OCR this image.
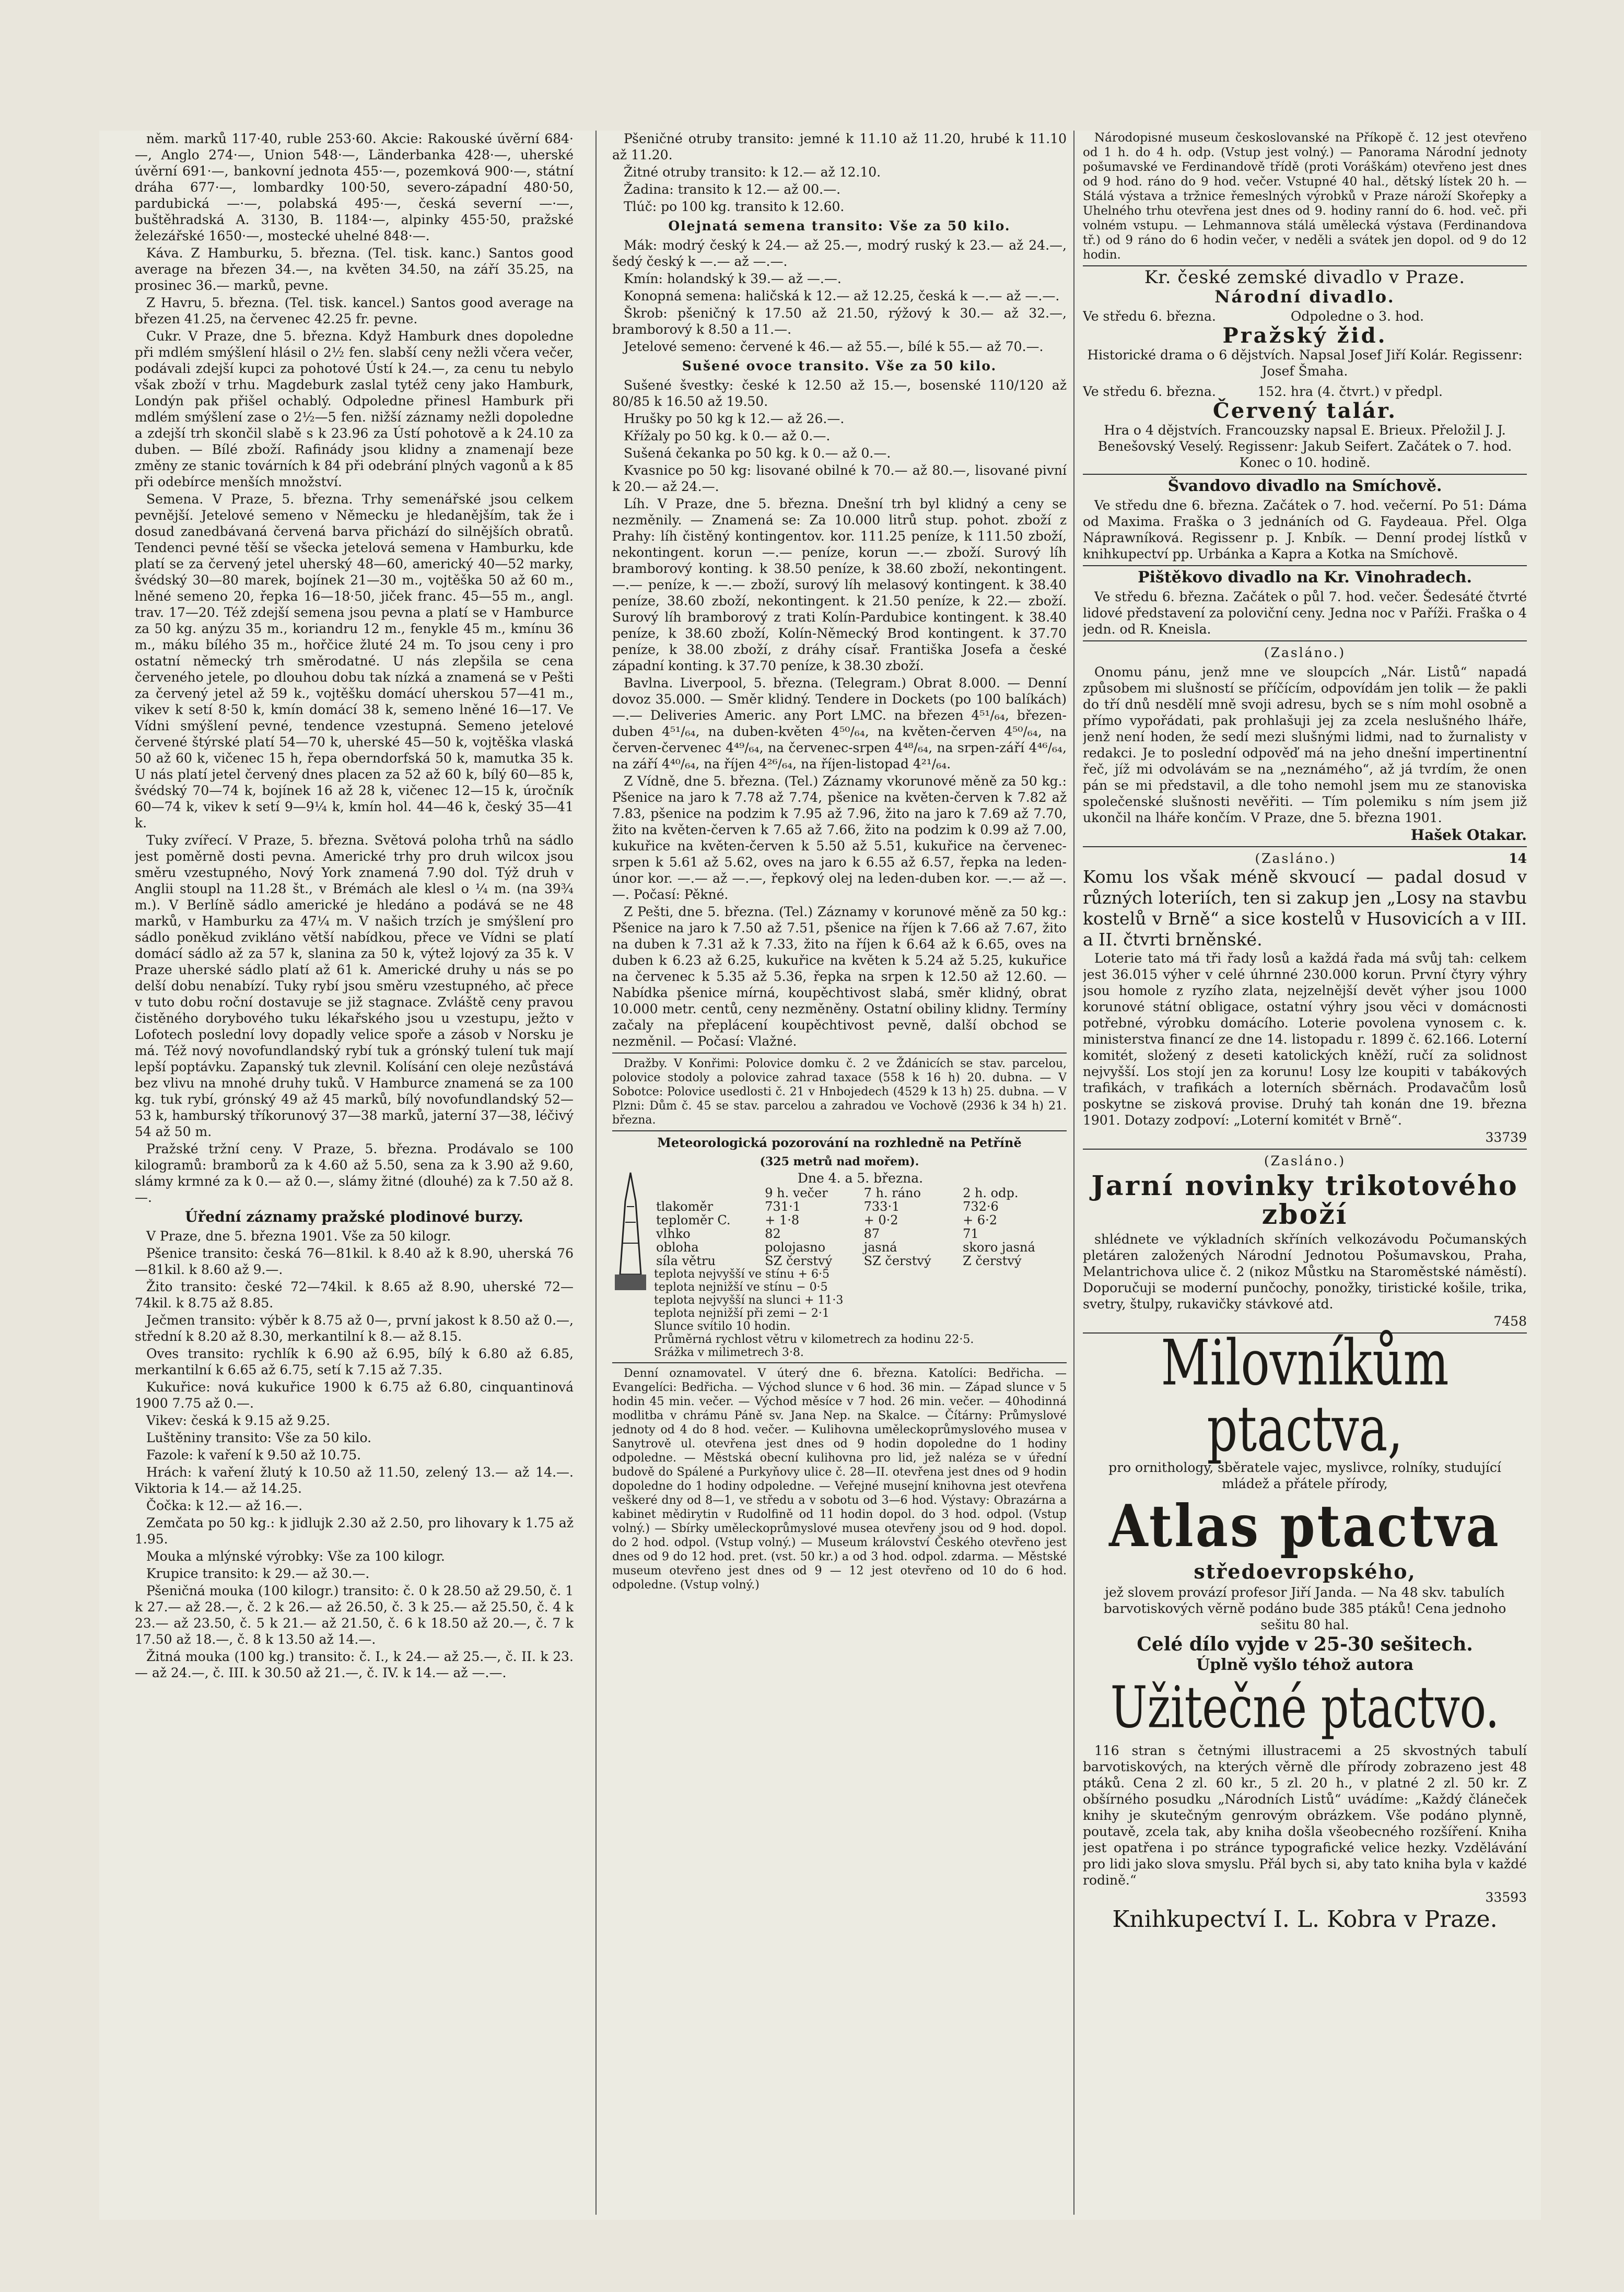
něm. marků 117·40, ruble 253·60. Akcie: Rakouské úvěrní 684·—, Anglo 274·—, Union 548·—, Länderbanka 428·—, uherské úvěrní 691·—, bankovní jednota 455·—, pozemková 900·—, státní dráha 677·—, lombardky 100·50, severo-západní 480·50, pardubická —·—, polabská 495·—, česká severní —·—, buštěhradská A. 3130, B. 1184·—, alpinky 455·50, pražské železářské 1650·—, mostecké uhelné 848·—.

Káva. Z Hamburku, 5. března. (Tel. tisk. kanc.) Santos good average na březen 34.—, na květen 34.50, na září 35.25, na prosinec 36.— marků, pevne.

Z Havru, 5. března. (Tel. tisk. kancel.) Santos good average na březen 41.25, na červenec 42.25 fr. pevne.

Cukr. V Praze, dne 5. března. Když Hamburk dnes dopoledne při mdlém smýšlení hlásil o 2½ fen. slabší ceny nežli včera večer, podávali zdejší kupci za pohotové Ústí k 24.—, za cenu tu nebylo však zboží v trhu. Magdeburk zaslal tytéž ceny jako Hamburk, Londýn pak přišel ochablý. Odpoledne přinesl Hamburk při mdlém smýšlení zase o 2½—5 fen. nižší záznamy nežli dopoledne a zdejší trh skončil slabě s k 23.96 za Ústí pohotově a k 24.10 za duben. — Bílé zboží. Rafinády jsou klidny a znamenají beze změny ze stanic továrních k 84 při odebrání plných vagonů a k 85 při odebírce menších množství.

Semena. V Praze, 5. března. Trhy semenářské jsou celkem pevnější. Jetelové semeno v Německu je hledanějším, tak že i dosud zanedbávaná červená barva přichází do silnějších obratů. Tendenci pevné těší se všecka jetelová semena v Hamburku, kde platí se za červený jetel uherský 48—60, americký 40—52 marky, švédský 30—80 marek, bojínek 21—30 m., vojtěška 50 až 60 m., lněné semeno 20, řepka 16—18·50, jiček franc. 45—55 m., angl. trav. 17—20. Též zdejší semena jsou pevna a platí se v Hamburce za 50 kg. anýzu 35 m., koriandru 12 m., fenykle 45 m., kmínu 36 m., máku bílého 35 m., hořčice žluté 24 m. To jsou ceny i pro ostatní německý trh směrodatné. U nás zlepšila se cena červeného jetele, po dlouhou dobu tak nízká a znamená se v Pešti za červený jetel až 59 k., vojtěšku domácí uherskou 57—41 m., vikev k setí 8·50 k, kmín domácí 38 k, semeno lněné 16—17. Ve Vídni smýšlení pevné, tendence vzestupná. Semeno jetelové červené štýrské platí 54—70 k, uherské 45—50 k, vojtěška vlaská 50 až 60 k, vičenec 15 h, řepa oberndorfská 50 k, mamutka 35 k. U nás platí jetel červený dnes placen za 52 až 60 k, bílý 60—85 k, švédský 70—74 k, bojínek 16 až 28 k, vičenec 12—15 k, úročník 60—74 k, vikev k setí 9—9¼ k, kmín hol. 44—46 k, český 35—41 k.

Tuky zvířecí. V Praze, 5. března. Světová poloha trhů na sádlo jest poměrně dosti pevna. Americké trhy pro druh wilcox jsou směru vzestupného, Nový York znamená 7.90 dol. Týž druh v Anglii stoupl na 11.28 št., v Brémách ale klesl o ¼ m. (na 39¾ m.). V Berlíně sádlo americké je hledáno a podává se ne 48 marků, v Hamburku za 47¼ m. V našich trzích je smýšlení pro sádlo poněkud zvikláno větší nabídkou, přece ve Vídni se platí domácí sádlo až za 57 k, slanina za 50 k, výtež lojový za 35 k. V Praze uherské sádlo platí až 61 k. Americké druhy u nás se po delší dobu nenabízí. Tuky rybí jsou směru vzestupného, ač přece v tuto dobu roční dostavuje se již stagnace. Zvláště ceny pravou čistěného dorybového tuku lékařského jsou u vzestupu, ježto v Lofotech poslední lovy dopadly velice spoře a zásob v Norsku je má. Též nový novofundlandský rybí tuk a grónský tulení tuk mají lepší poptávku. Zapanský tuk zlevnil. Kolísání cen oleje nezůstává bez vlivu na mnohé druhy tuků. V Hamburce znamená se za 100 kg. tuk rybí, grónský 49 až 45 marků, bílý novofundlandský 52—53 k, hamburský tříkorunový 37—38 marků, jaterní 37—38, léčivý 54 až 50 m.

Pražské tržní ceny. V Praze, 5. března. Prodávalo se 100 kilogramů: bramborů za k 4.60 až 5.50, sena za k 3.90 až 9.60, slámy krmné za k 0.— až 0.—, slámy žitné (dlouhé) za k 7.50 až 8.—.

Úřední záznamy pražské plodinové burzy.

V Praze, dne 5. března 1901. Vše za 50 kilogr.

Pšenice transito: česká 76—81kil. k 8.40 až k 8.90, uherská 76—81kil. k 8.60 až 9.—.

Žito transito: české 72—74kil. k 8.65 až 8.90, uherské 72—74kil. k 8.75 až 8.85.

Ječmen transito: výběr k 8.75 až 0—, první jakost k 8.50 až 0.—, střední k 8.20 až 8.30, merkantilní k 8.— až 8.15.

Oves transito: rychlík k 6.90 až 6.95, bílý k 6.80 až 6.85, merkantilní k 6.65 až 6.75, setí k 7.15 až 7.35.

Kukuřice: nová kukuřice 1900 k 6.75 až 6.80, cinquantinová 1900 7.75 až 0.—.

Vikev: česká k 9.15 až 9.25.

Luštěniny transito: Vše za 50 kilo.

Fazole: k vaření k 9.50 až 10.75.

Hrách: k vaření žlutý k 10.50 až 11.50, zelený 13.— až 14.—. Viktoria k 14.— až 14.25.

Čočka: k 12.— až 16.—.

Zemčata po 50 kg.: k jidlujk 2.30 až 2.50, pro lihovary k 1.75 až 1.95.

Mouka a mlýnské výrobky: Vše za 100 kilogr.

Krupice transito: k 29.— až 30.—.

Pšeničná mouka (100 kilogr.) transito: č. 0 k 28.50 až 29.50, č. 1 k 27.— až 28.—, č. 2 k 26.— až 26.50, č. 3 k 25.— až 25.50, č. 4 k 23.— až 23.50, č. 5 k 21.— až 21.50, č. 6 k 18.50 až 20.—, č. 7 k 17.50 až 18.—, č. 8 k 13.50 až 14.—.

Žitná mouka (100 kg.) transito: č. I., k 24.— až 25.—, č. II. k 23.— až 24.—, č. III. k 30.50 až 21.—, č. IV. k 14.— až —.—.

Pšeničné otruby transito: jemné k 11.10 až 11.20, hrubé k 11.10 až 11.20.

Žitné otruby transito: k 12.— až 12.10.

Žadina: transito k 12.— až 00.—.

Tlúč: po 100 kg. transito k 12.60.

Olejnatá semena transito: Vše za 50 kilo.

Mák: modrý český k 24.— až 25.—, modrý ruský k 23.— až 24.—, šedý český k —.— až —.—.

Kmín: holandský k 39.— až —.—.

Konopná semena: haličská k 12.— až 12.25, česká k —.— až —.—.

Škrob: pšeničný k 17.50 až 21.50, rýžový k 30.— až 32.—, bramborový k 8.50 a 11.—.

Jetelové semeno: červené k 46.— až 55.—, bílé k 55.— až 70.—.

Sušené ovoce transito. Vše za 50 kilo.

Sušené švestky: české k 12.50 až 15.—, bosenské 110/120 až 80/85 k 16.50 až 19.50.

Hrušky po 50 kg k 12.— až 26.—.

Křížaly po 50 kg. k 0.— až 0.—.

Sušená čekanka po 50 kg. k 0.— až 0.—.

Kvasnice po 50 kg: lisované obilné k 70.— až 80.—, lisované pivní k 20.— až 24.—.

Líh. V Praze, dne 5. března. Dnešní trh byl klidný a ceny se nezměnily. — Znamená se: Za 10.000 litrů stup. pohot. zboží z Prahy: líh čistěný kontingentov. kor. 111.25 peníze, k 111.50 zboží, nekontingent. korun —.— peníze, korun —.— zboží. Surový líh bramborový konting. k 38.50 peníze, k 38.60 zboží, nekontingent. —.— peníze, k —.— zboží, surový líh melasový kontingent. k 38.40 peníze, 38.60 zboží, nekontingent. k 21.50 peníze, k 22.— zboží. Surový líh bramborový z trati Kolín-Pardubice kontingent. k 38.40 peníze, k 38.60 zboží, Kolín-Německý Brod kontingent. k 37.70 peníze, k 38.00 zboží, z dráhy císař. Františka Josefa a české západní konting. k 37.70 peníze, k 38.30 zboží.

Bavlna. Liverpool, 5. března. (Telegram.) Obrat 8.000. — Denní dovoz 35.000. — Směr klidný. Tendere in Dockets (po 100 balíkách) —.— Deliveries Americ. any Port LMC. na březen 4⁵¹/₆₄, březen-duben 4⁵¹/₆₄, na duben-květen 4⁵⁰/₆₄, na květen-červen 4⁵⁰/₆₄, na červen-červenec 4⁴⁹/₆₄, na červenec-srpen 4⁴⁸/₆₄, na srpen-září 4⁴⁶/₆₄, na září 4⁴⁰/₆₄, na říjen 4²⁶/₆₄, na říjen-listopad 4²¹/₆₄.

Z Vídně, dne 5. března. (Tel.) Záznamy vkorunové měně za 50 kg.: Pšenice na jaro k 7.78 až 7.74, pšenice na květen-červen k 7.82 až 7.83, pšenice na podzim k 7.95 až 7.96, žito na jaro k 7.69 až 7.70, žito na květen-červen k 7.65 až 7.66, žito na podzim k 0.99 až 7.00, kukuřice na květen-červen k 5.50 až 5.51, kukuřice na červenec-srpen k 5.61 až 5.62, oves na jaro k 6.55 až 6.57, řepka na leden-únor kor. —.— až —.—, řepkový olej na leden-duben kor. —.— až —.—. Počasí: Pěkné.

Z Pešti, dne 5. března. (Tel.) Záznamy v korunové měně za 50 kg.: Pšenice na jaro k 7.50 až 7.51, pšenice na říjen k 7.66 až 7.67, žito na duben k 7.31 až k 7.33, žito na říjen k 6.64 až k 6.65, oves na duben k 6.23 až 6.25, kukuřice na květen k 5.24 až 5.25, kukuřice na červenec k 5.35 až 5.36, řepka na srpen k 12.50 až 12.60. — Nabídka pšenice mírná, koupěchtivost slabá, směr klidný, obrat 10.000 metr. centů, ceny nezměněny. Ostatní obiliny klidny. Termíny začaly na přeplácení koupěchtivost pevně, další obchod se nezměnil. — Počasí: Vlažné.

Dražby. V Konřimi: Polovice domku č. 2 ve Ždánicích se stav. parcelou, polovice stodoly a polovice zahrad taxace (558 k 16 h) 20. dubna. — V Sobotce: Polovice usedlosti č. 21 v Hnbojedech (4529 k 13 h) 25. dubna. — V Plzni: Dům č. 45 se stav. parcelou a zahradou ve Vochově (2936 k 34 h) 21. března.

Meteorologická pozorování na rozhledně na Petříně
(325 metrů nad mořem).
Dne 4. a 5. března.
	9 h. večer	7 h. ráno	2 h. odp.
tlakoměr	731·1	733·1	732·6
teploměr C.	+ 1·8	+ 0·2	+ 6·2
vlhko	82	87	71
obloha	polojasno	jasná	skoro jasná
síla větru	SZ čerstvý	SZ čerstvý	Z čerstvý
teplota nejvyšší ve stínu + 6·5
teplota nejnižší ve stínu − 0·5
teplota nejvyšší na slunci + 11·3
teplota nejnižší při zemi − 2·1
Slunce svítilo 10 hodin.
Průměrná rychlost větru v kilometrech za hodinu 22·5.
Srážka v milimetrech 3·8.

Denní oznamovatel. V úterý dne 6. března. Katolíci: Bedřicha. — Evangelíci: Bedřicha. — Východ slunce v 6 hod. 36 min. — Západ slunce v 5 hodin 45 min. večer. — Východ měsíce v 7 hod. 26 min. večer. — 40hodinná modlitba v chrámu Páně sv. Jana Nep. na Skalce. — Čítárny: Průmyslové jednoty od 4 do 8 hod. večer. — Kulihovna uměleckoprůmyslového musea v Sanytrově ul. otevřena jest dnes od 9 hodin dopoledne do 1 hodiny odpoledne. — Městská obecní kulihovna pro lid, jež naléza se v úřední budově do Spálené a Purkyňovy ulice č. 28—II. otevřena jest dnes od 9 hodin dopoledne do 1 hodiny odpoledne. — Veřejné musejní knihovna jest otevřena veškeré dny od 8—1, ve středu a v sobotu od 3—6 hod. Výstavy: Obrazárna a kabinet mědirytin v Rudolfině od 11 hodin dopol. do 3 hod. odpol. (Vstup volný.) — Sbírky uměleckoprůmyslové musea otevřeny jsou od 9 hod. dopol. do 2 hod. odpol. (Vstup volný.) — Museum království Českého otevřeno jest dnes od 9 do 12 hod. pret. (vst. 50 kr.) a od 3 hod. odpol. zdarma. — Městské museum otevřeno jest dnes od 9 — 12 jest otevřeno od 10 do 6 hod. odpoledne. (Vstup volný.)

Národopisné museum českoslovanské na Příkopě č. 12 jest otevřeno od 1 h. do 4 h. odp. (Vstup jest volný.) — Panorama Národní jednoty pošumavské ve Ferdinandově třídě (proti Voráškám) otevřeno jest dnes od 9 hod. ráno do 9 hod. večer. Vstupné 40 hal., dětský lístek 20 h. — Stálá výstava a tržnice řemeslných výrobků v Praze nároží Skořepky a Uhelného trhu otevřena jest dnes od 9. hodiny ranní do 6. hod. več. při volném vstupu. — Lehmannova stálá umělecká výstava (Ferdinandova tř.) od 9 ráno do 6 hodin večer, v neděli a svátek jen dopol. od 9 do 12 hodin.

Kr. české zemské divadlo v Praze.
Národní divadlo.
Ve středu 6. března.                  Odpoledne o 3. hod.
Pražský žid.
Historické drama o 6 dějstvích. Napsal Josef Jiří Kolár. Regissenr: Josef Šmaha.
Ve středu 6. března.          152. hra (4. čtvrt.) v předpl.
Červený talár.
Hra o 4 dějstvích. Francouzsky napsal E. Brieux. Přeložil J. J. Benešovský Veselý. Regissenr: Jakub Seifert. Začátek o 7. hod. Konec o 10. hodině.
Švandovo divadlo na Smíchově.

Ve středu dne 6. března. Začátek o 7. hod. večerní. Po 51: Dáma od Maxima. Fraška o 3 jednáních od G. Faydeaua. Přel. Olga Náprawníková. Regissenr p. J. Knbík. — Denní prodej lístků v knihkupectví pp. Urbánka a Kapra a Kotka na Smíchově.

Pištěkovo divadlo na Kr. Vinohradech.

Ve středu 6. března. Začátek o půl 7. hod. večer. Šedesáté čtvrté lidové představení za poloviční ceny. Jedna noc v Paříži. Fraška o 4 jedn. od R. Kneisla.

(Zasláno.)

Onomu pánu, jenž mne ve sloupcích „Nár. Listů“ napadá způsobem mi slušností se příčícím, odpovídám jen tolik — že pakli do tří dnů nesdělí mně svoji adresu, bych se s ním mohl osobně a přímo vypořádati, pak prohlašuji jej za zcela neslušného lháře, jenž není hoden, že sedí mezi slušnými lidmi, nad to žurnalisty v redakci. Je to poslední odpověď má na jeho dnešní impertinentní řeč, jíž mi odvolávám se na „neznámého“, až já tvrdím, že onen pán se mi představil, a dle toho nemohl jsem mu ze stanoviska společenské slušnosti nevěřiti. — Tím polemiku s ním jsem již ukončil na lháře končím. V Praze, dne 5. března 1901.

Hašek Otakar.
(Zasláno.)	14
Komu los však méně skvoucí — padal dosud v různých loteriích, ten si zakup jen „Losy na stavbu kostelů v Brně“ a sice kostelů v Husovicích a v III. a II. čtvrti brněnské.

Loterie tato má tři řady losů a každá řada má svůj tah: celkem jest 36.015 výher v celé úhrnné 230.000 korun. První čtyry výhry jsou homole z ryzího zlata, nejzelnější devět výher jsou 1000 korunové státní obligace, ostatní výhry jsou věci v domácnosti potřebné, výrobku domácího. Loterie povolena vynosem c. k. ministerstva financí ze dne 14. listopadu r. 1899 č. 62.166. Loterní komitét, složený z deseti katolických kněží, ručí za solidnost nejvyšší. Los stojí jen za korunu! Losy lze koupiti v tabákových trafikách, v trafikách a loterních sběrnách. Prodavačům losů poskytne se zisková provise. Druhý tah konán dne 19. března 1901. Dotazy zodpoví: „Loterní komitét v Brně“.

33739
(Zasláno.)
Jarní novinky trikotového zboží

shlédnete ve výkladních skříních velkozávodu Počumanských pletáren založených Národní Jednotou Pošumavskou, Praha, Melantrichova ulice č. 2 (nikoz Můstku na Staroměstské náměstí). Doporučuji se moderní punčochy, ponožky, tiristické košile, trika, svetry, štulpy, rukavičky stávkové atd.

7458
Milovníkům ptactva,
pro ornithology, sběratele vajec, myslivce, rolníky, studující mládež a přátele přírody,
Atlas ptactva
středoevropského,
jež slovem provází profesor Jiří Janda. — Na 48 skv. tabulích barvotiskových věrně podáno bude 385 ptáků! Cena jednoho sešitu 80 hal.
Celé dílo vyjde v 25-30 sešitech.
Úplně vyšlo téhož autora
Užitečné ptactvo.

116 stran s četnými illustracemi a 25 skvostných tabulí barvotiskových, na kterých věrně dle přírody zobrazeno jest 48 ptáků. Cena 2 zl. 60 kr., 5 zl. 20 h., v platné 2 zl. 50 kr. Z obšírného posudku „Národních Listů“ uvádíme: „Každý článeček knihy je skutečným genrovým obrázkem. Vše podáno plynně, poutavě, zcela tak, aby kniha došla všeobecného rozšíření. Kniha jest opatřena i po stránce typografické velice hezky. Vzdělávání pro lidi jako slova smyslu. Přál bych si, aby tato kniha byla v každé rodině.“

33593
Knihkupectví I. L. Kobra v Praze.
